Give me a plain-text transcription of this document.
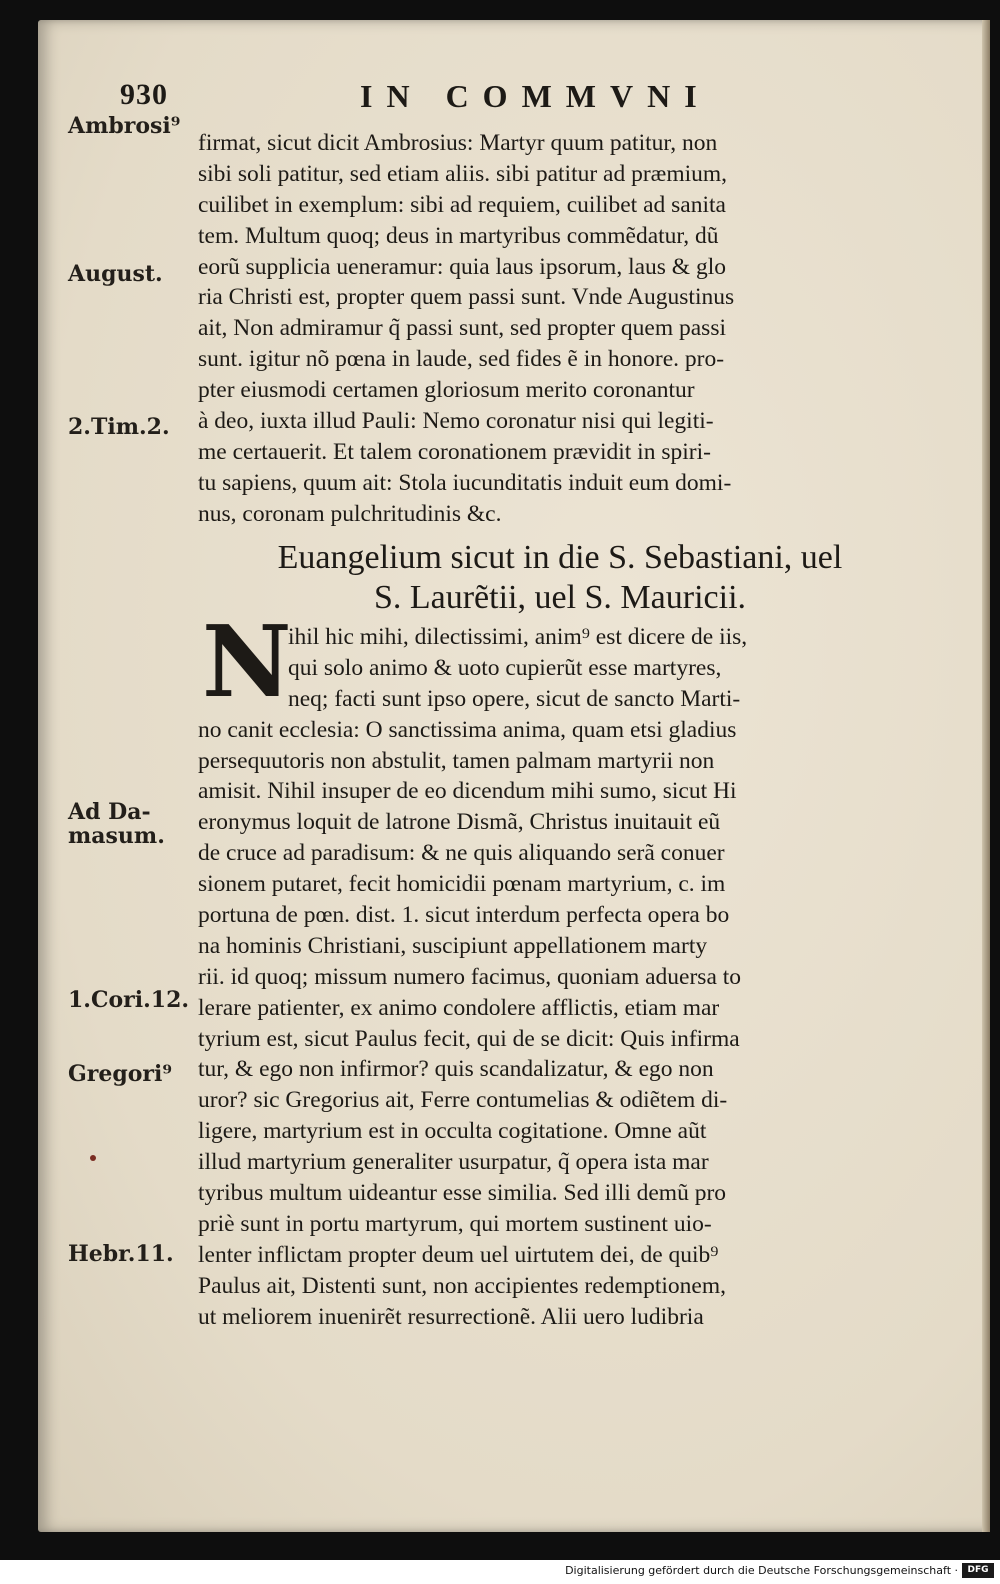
930	IN COMMVNI
Ambrosi⁹
August.
2.Tim.2.
Ad Da-
masum.
1.Cori.12.
Gregori⁹
Hebr.11.
firmat, sicut dicit Ambrosius: Martyr quum patitur, non
sibi soli patitur, sed etiam aliis. sibi patitur ad præmium,
cuilibet in exemplum: sibi ad requiem, cuilibet ad sanita
tem. Multum quoq; deus in martyribus commẽdatur, dũ
eorũ supplicia ueneramur: quia laus ipsorum, laus & glo
ria Christi est, propter quem passi sunt. Vnde Augustinus
ait, Non admiramur q̃ passi sunt, sed propter quem passi
sunt. igitur nõ pœna in laude, sed fides ẽ in honore. pro-
pter eiusmodi certamen gloriosum merito coronantur
à deo, iuxta illud Pauli: Nemo coronatur nisi qui legiti-
me certauerit. Et talem coronationem prævidit in spiri-
tu sapiens, quum ait: Stola iucunditatis induit eum domi-
nus, coronam pulchritudinis &c.
Euangelium sicut in die S. Sebastiani, uel
S. Laurẽtii, uel S. Mauricii.
N
ihil hic mihi, dilectissimi, anim⁹ est dicere de iis,
qui solo animo & uoto cupierũt esse martyres,
neq; facti sunt ipso opere, sicut de sancto Marti-
no canit ecclesia: O sanctissima anima, quam etsi gladius
persequutoris non abstulit, tamen palmam martyrii non
amisit. Nihil insuper de eo dicendum mihi sumo, sicut Hi
eronymus loquit de latrone Dismã, Christus inuitauit eũ
de cruce ad paradisum: & ne quis aliquando serã conuer
sionem putaret, fecit homicidii pœnam martyrium, c. im
portuna de pœn. dist. 1. sicut interdum perfecta opera bo
na hominis Christiani, suscipiunt appellationem marty
rii. id quoq; missum numero facimus, quoniam aduersa to
lerare patienter, ex animo condolere afflictis, etiam mar
tyrium est, sicut Paulus fecit, qui de se dicit: Quis infirma
tur, & ego non infirmor? quis scandalizatur, & ego non
uror? sic Gregorius ait, Ferre contumelias & odiẽtem di-
ligere, martyrium est in occulta cogitatione. Omne aũt
illud martyrium generaliter usurpatur, q̃ opera ista mar
tyribus multum uideantur esse similia. Sed illi demũ pro
priè sunt in portu martyrum, qui mortem sustinent uio-
lenter inflictam propter deum uel uirtutem dei, de quib⁹
Paulus ait, Distenti sunt, non accipientes redemptionem,
ut meliorem inuenirẽt resurrectionẽ. Alii uero ludibria
Digitalisierung gefördert durch die Deutsche Forschungsgemeinschaft ·	DFG
